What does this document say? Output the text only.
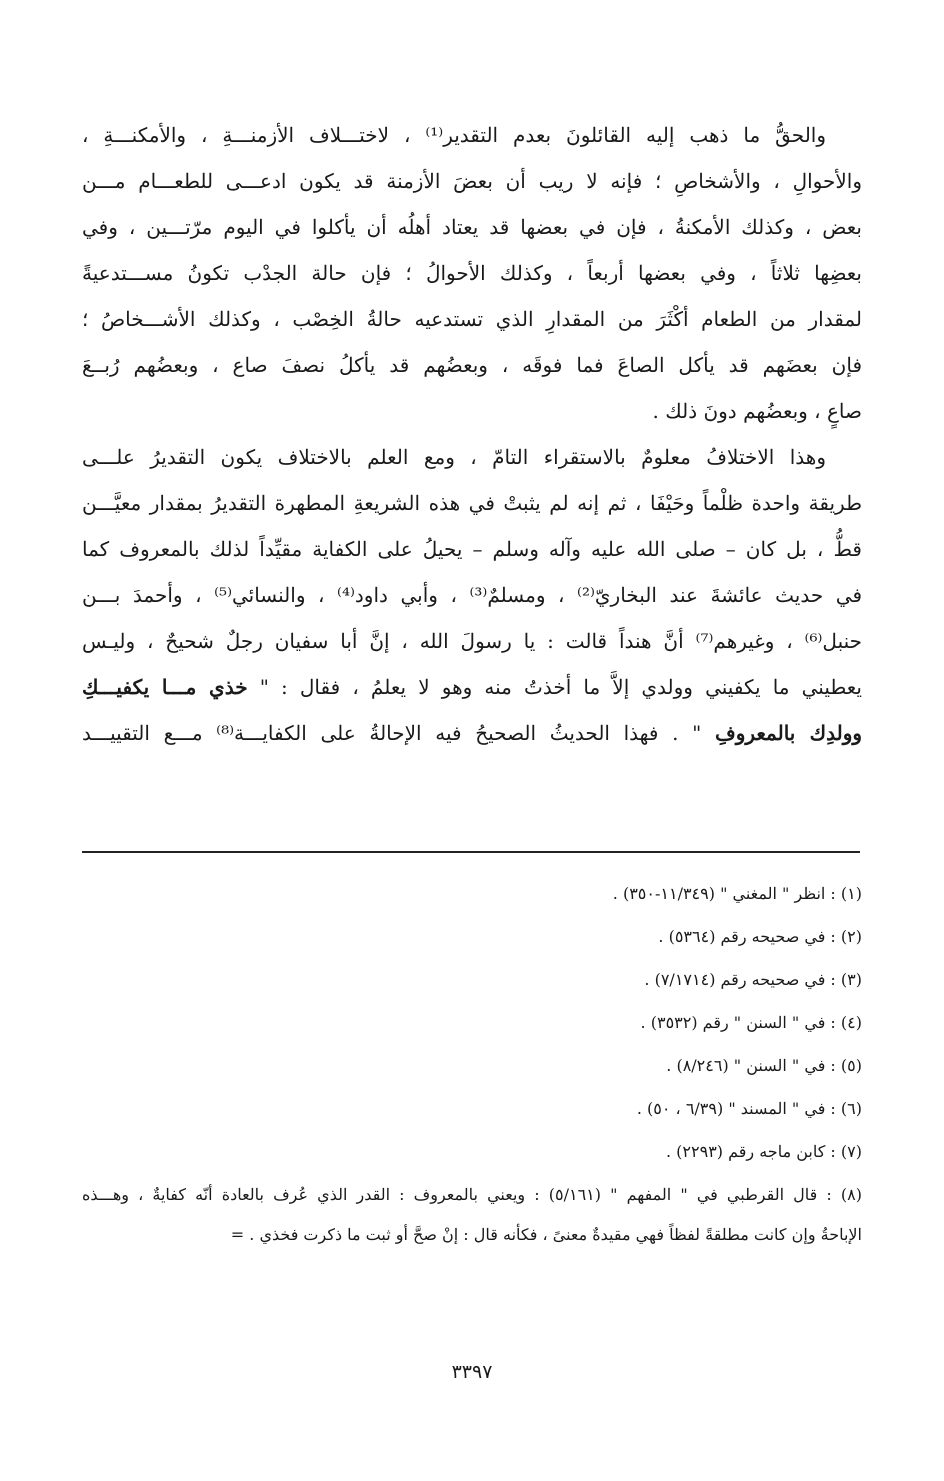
والحقُّ ما ذهب إليه القائلونَ بعدم التقدير⁽¹⁾ ، لاختـــلاف الأزمنـــةِ ، والأمكنـــةِ ،
والأحوالِ ، والأشخاصِ ؛ فإنه لا ريب أن بعضَ الأزمنة قد يكون ادعـــى للطعـــام مـــن
بعض ، وكذلك الأمكنةُ ، فإن في بعضها قد يعتاد أهلُه أن يأكلوا في اليوم مرّتـــين ، وفي
بعضِها ثلاثاً ، وفي بعضها أربعاً ، وكذلك الأحوالُ ؛ فإن حالة الجدْب تكونُ مســـتدعيةً
لمقدار من الطعام أكْثَرَ من المقدارِ الذي تستدعيه حالةُ الخِصْب ، وكذلك الأشـــخاصُ ؛
فإن بعضَهم قد يأكل الصاعَ فما فوقَه ، وبعضُهم قد يأكلُ نصفَ صاع ، وبعضُهم رُبــعَ
صاعٍ ، وبعضُهم دونَ ذلك .
وهذا الاختلافُ معلومٌ بالاستقراء التامّ ، ومع العلم بالاختلاف يكون التقديرُ علـــى
طريقة واحدة ظلْماً وحَيْفَا ، ثم إنه لم يثبتْ في هذه الشريعةِ المطهرة التقديرُ بمقدار معيَّـــن
قطُّ ، بل كان – صلى الله عليه وآله وسلم – يحيلُ على الكفاية مقيِّداً لذلك بالمعروف كما
في حديث عائشةَ عند البخاريّ⁽²⁾ ، ومسلمٌ⁽³⁾ ، وأبي داود⁽⁴⁾ ، والنسائي⁽⁵⁾ ، وأحمدَ بـــن
حنبل⁽⁶⁾ ، وغيرهم⁽⁷⁾ أنَّ هنداً قالت : يا رسولَ الله ، إنَّ أبا سفيان رجلٌ شحيحٌ ، وليـس
يعطيني ما يكفيني وولدي إلاَّ ما أخذتُ منه وهو لا يعلمُ ، فقال : " خذي مـــا يكفيـــكِ
وولدِك بالمعروفِ " . فهذا الحديثُ الصحيحُ فيه الإحالةُ على الكفايـــة⁽⁸⁾ مـــع التقييـــد
(١) : انظر " المغني " (١١/٣٤٩-٣٥٠) .
(٢) : في صحيحه رقم (٥٣٦٤) .
(٣) : في صحيحه رقم (٧/١٧١٤) .
(٤) : في " السنن " رقم (٣٥٣٢) .
(٥) : في " السنن " (٨/٢٤٦) .
(٦) : في " المسند " (٦/٣٩ ، ٥٠) .
(٧) : كابن ماجه رقم (٢٢٩٣) .
(٨) : قال القرطبي في " المفهم " (٥/١٦١) : ويعني بالمعروف : القدر الذي عُرف بالعادة أنّه كفايةٌ ، وهـــذه
الإباحةُ وإن كانت مطلقةً لفظاً فهي مقيدةٌ معنىً ، فكأنه قال : إنْ صحَّ أو ثبت ما ذكرت فخذي . =
٣٣٩٧
